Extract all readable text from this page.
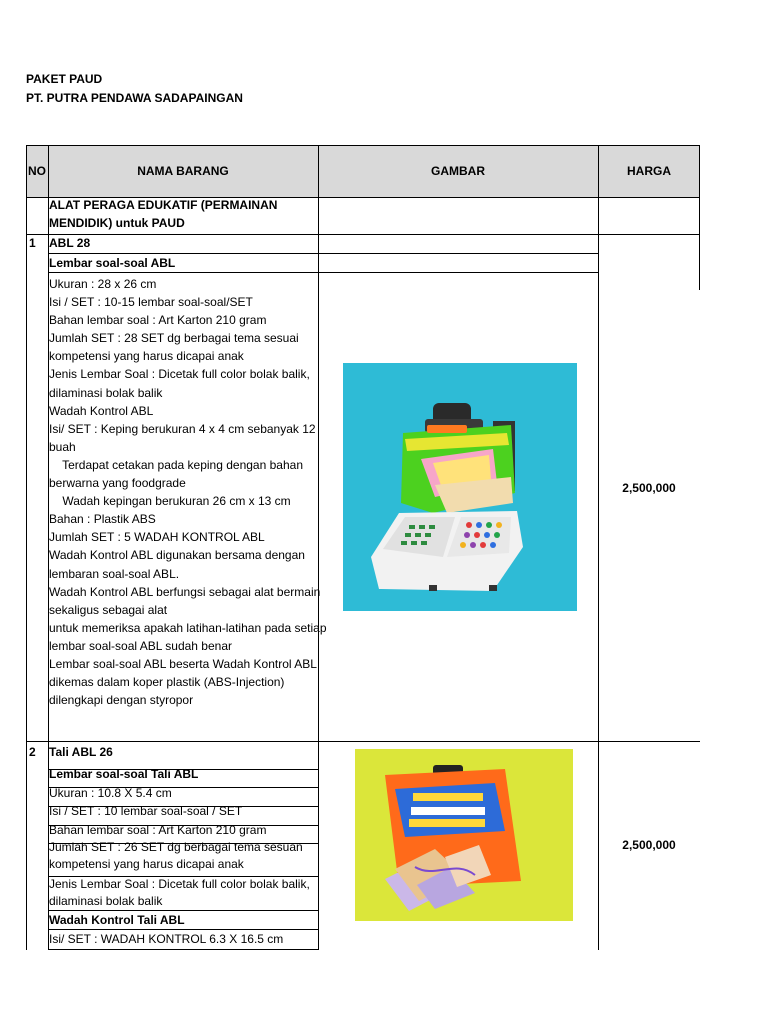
PAKET PAUD
PT. PUTRA PENDAWA SADAPAINGAN
NO	NAMA BARANG	GAMBAR	HARGA
ALAT PERAGA EDUKATIF (PERMAINAN
MENDIDIK) untuk PAUD
1 ABL 28
Lembar soal-soal ABL
Ukuran : 28 x 26 cm
Isi / SET : 10-15 lembar soal-soal/SET
Bahan lembar soal : Art Karton 210 gram
Jumlah SET : 28 SET dg berbagai tema sesuai
kompetensi yang harus dicapai anak
Jenis Lembar Soal : Dicetak full color bolak balik,
dilaminasi bolak balik
Wadah Kontrol ABL
Isi/ SET : Keping berukuran 4 x 4 cm sebanyak 12
buah
Terdapat cetakan pada keping dengan bahan
berwarna yang foodgrade
Wadah kepingan berukuran 26 cm x 13 cm
Bahan : Plastik ABS
Jumlah SET : 5 WADAH KONTROL ABL
Wadah Kontrol ABL digunakan bersama dengan
lembaran soal-soal ABL.
Wadah Kontrol ABL berfungsi sebagai alat bermain
sekaligus sebagai alat
untuk memeriksa apakah latihan-latihan pada setiap
lembar soal-soal ABL sudah benar
Lembar soal-soal ABL beserta Wadah Kontrol ABL
dikemas dalam koper plastik (ABS-Injection)
dilengkapi dengan styropor
2,500,000
2 Tali ABL 26
Lembar soal-soal Tali ABL
Ukuran : 10.8 X 5.4 cm
Isi / SET : 10 lembar soal-soal / SET
Bahan lembar soal : Art Karton 210 gram
Jumlah SET : 26 SET dg berbagai tema sesuan
kompetensi yang harus dicapai anak
Jenis Lembar Soal : Dicetak full color bolak balik,
dilaminasi bolak balik
Wadah Kontrol Tali ABL
Isi/ SET : WADAH KONTROL 6.3 X 16.5 cm
2,500,000
